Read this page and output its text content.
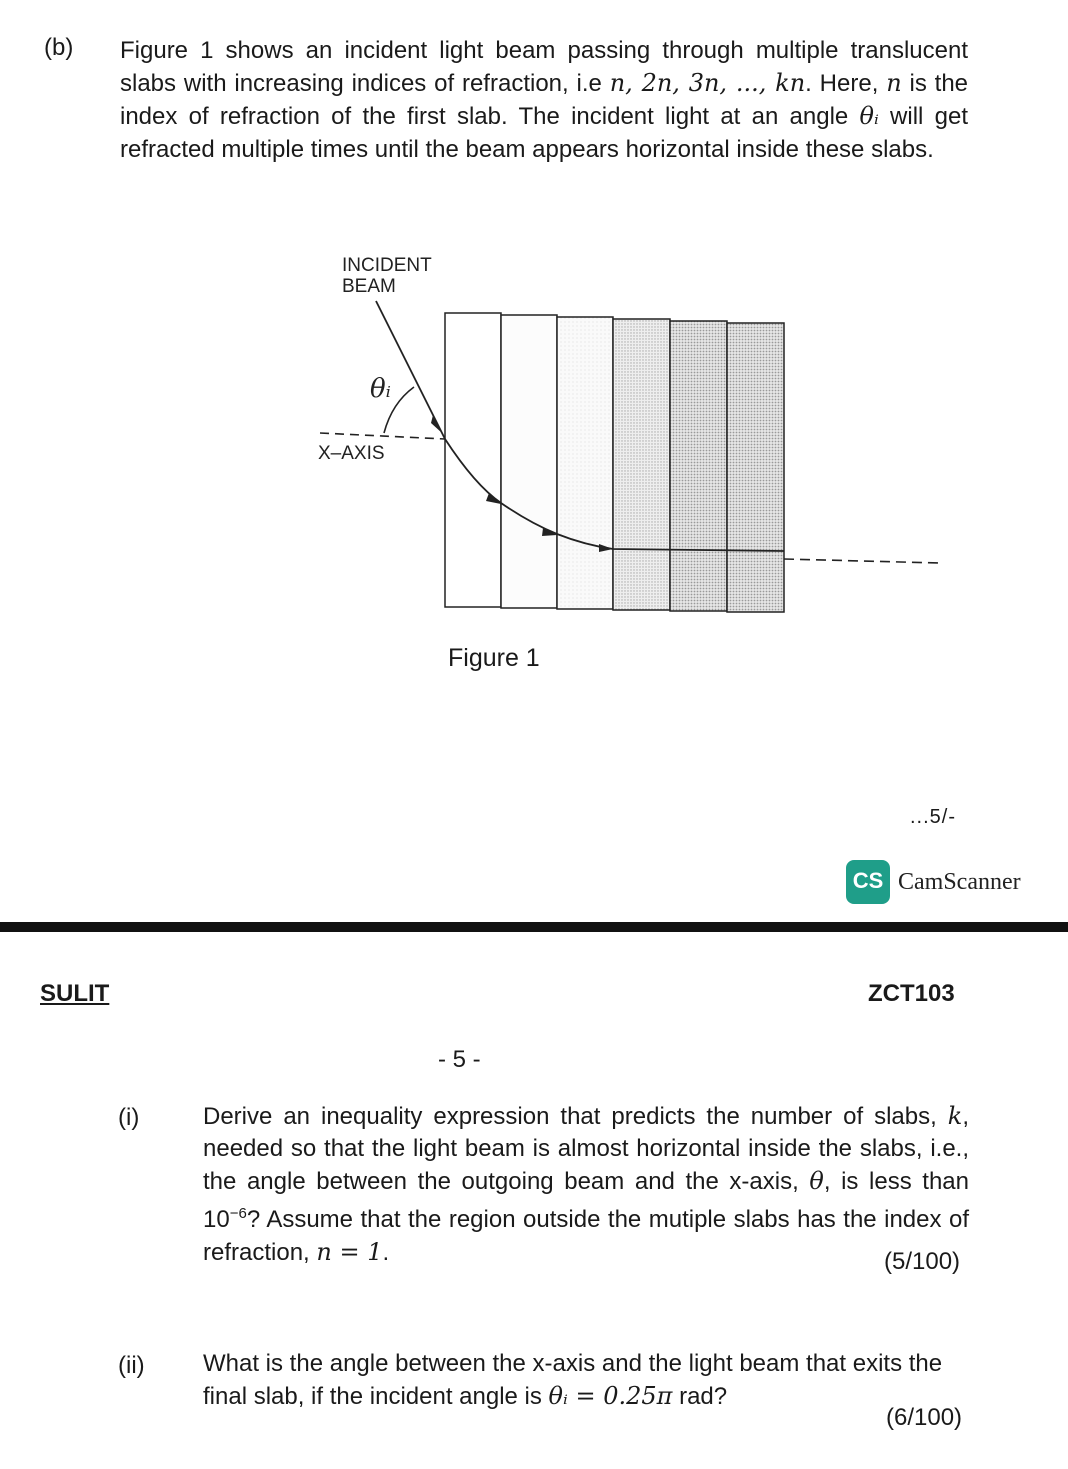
(b) Figure 1 shows an incident light beam passing through multiple translucent slabs with increasing indices of refraction, i.e n, 2n, 3n, ..., kn. Here, n is the index of refraction of the first slab. The incident light at an angle θᵢ will get refracted multiple times until the beam appears horizontal inside these slabs.
INCIDENT
BEAM
θᵢ
X–AXIS
Figure 1
...5/-
CS CamScanner
SULIT	ZCT103
- 5 -
(i)	Derive an inequality expression that predicts the number of slabs, k, needed so that the light beam is almost horizontal inside the slabs, i.e., the angle between the outgoing beam and the x-axis, θ, is less than $10^{-6}$? Assume that the region outside the mutiple slabs has the index of refraction, n = 1.	(5/100)
(ii) What is the angle between the x-axis and the light beam that exits the final slab, if the incident angle is θᵢ = 0.25π rad?
(6/100)
